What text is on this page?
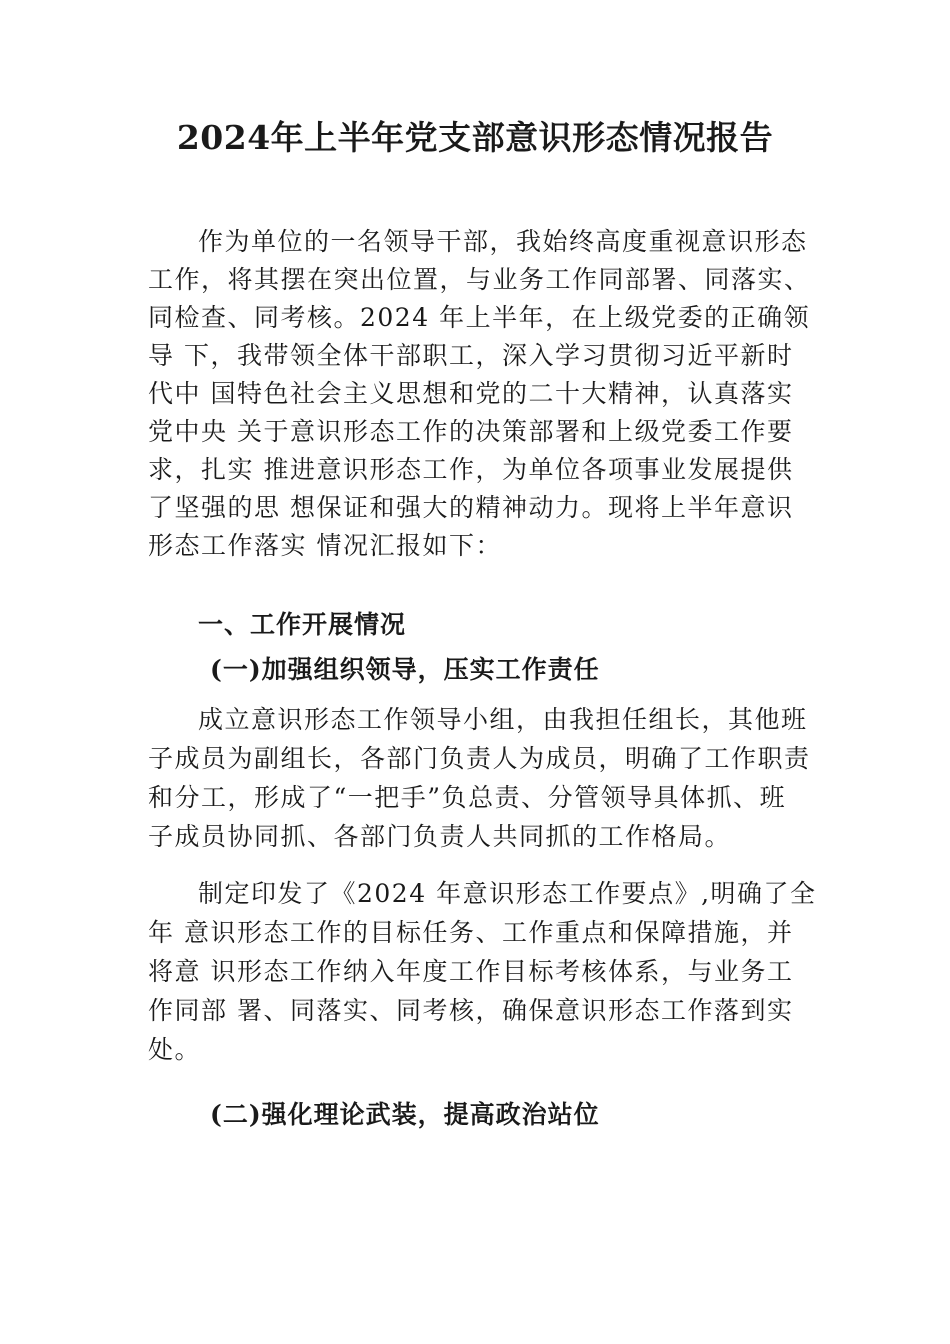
2024年上半年党支部意识形态情况报告
作为单位的一名领导干部，我始终高度重视意识形态
工作，将其摆在突出位置，与业务工作同部署、同落实、
同检查、同考核。2024 年上半年，在上级党委的正确领
导 下，我带领全体干部职工，深入学习贯彻习近平新时
代中 国特色社会主义思想和党的二十大精神，认真落实
党中央 关于意识形态工作的决策部署和上级党委工作要
求，扎实 推进意识形态工作，为单位各项事业发展提供
了坚强的思 想保证和强大的精神动力。现将上半年意识
形态工作落实 情况汇报如下：
一、工作开展情况
(一)加强组织领导，压实工作责任
成立意识形态工作领导小组，由我担任组长，其他班
子成员为副组长，各部门负责人为成员，明确了工作职责
和分工，形成了“一把手”负总责、分管领导具体抓、班
子成员协同抓、各部门负责人共同抓的工作格局。
制定印发了《2024 年意识形态工作要点》,明确了全
年 意识形态工作的目标任务、工作重点和保障措施，并
将意 识形态工作纳入年度工作目标考核体系，与业务工
作同部 署、同落实、同考核，确保意识形态工作落到实
处。
(二)强化理论武装，提高政治站位
